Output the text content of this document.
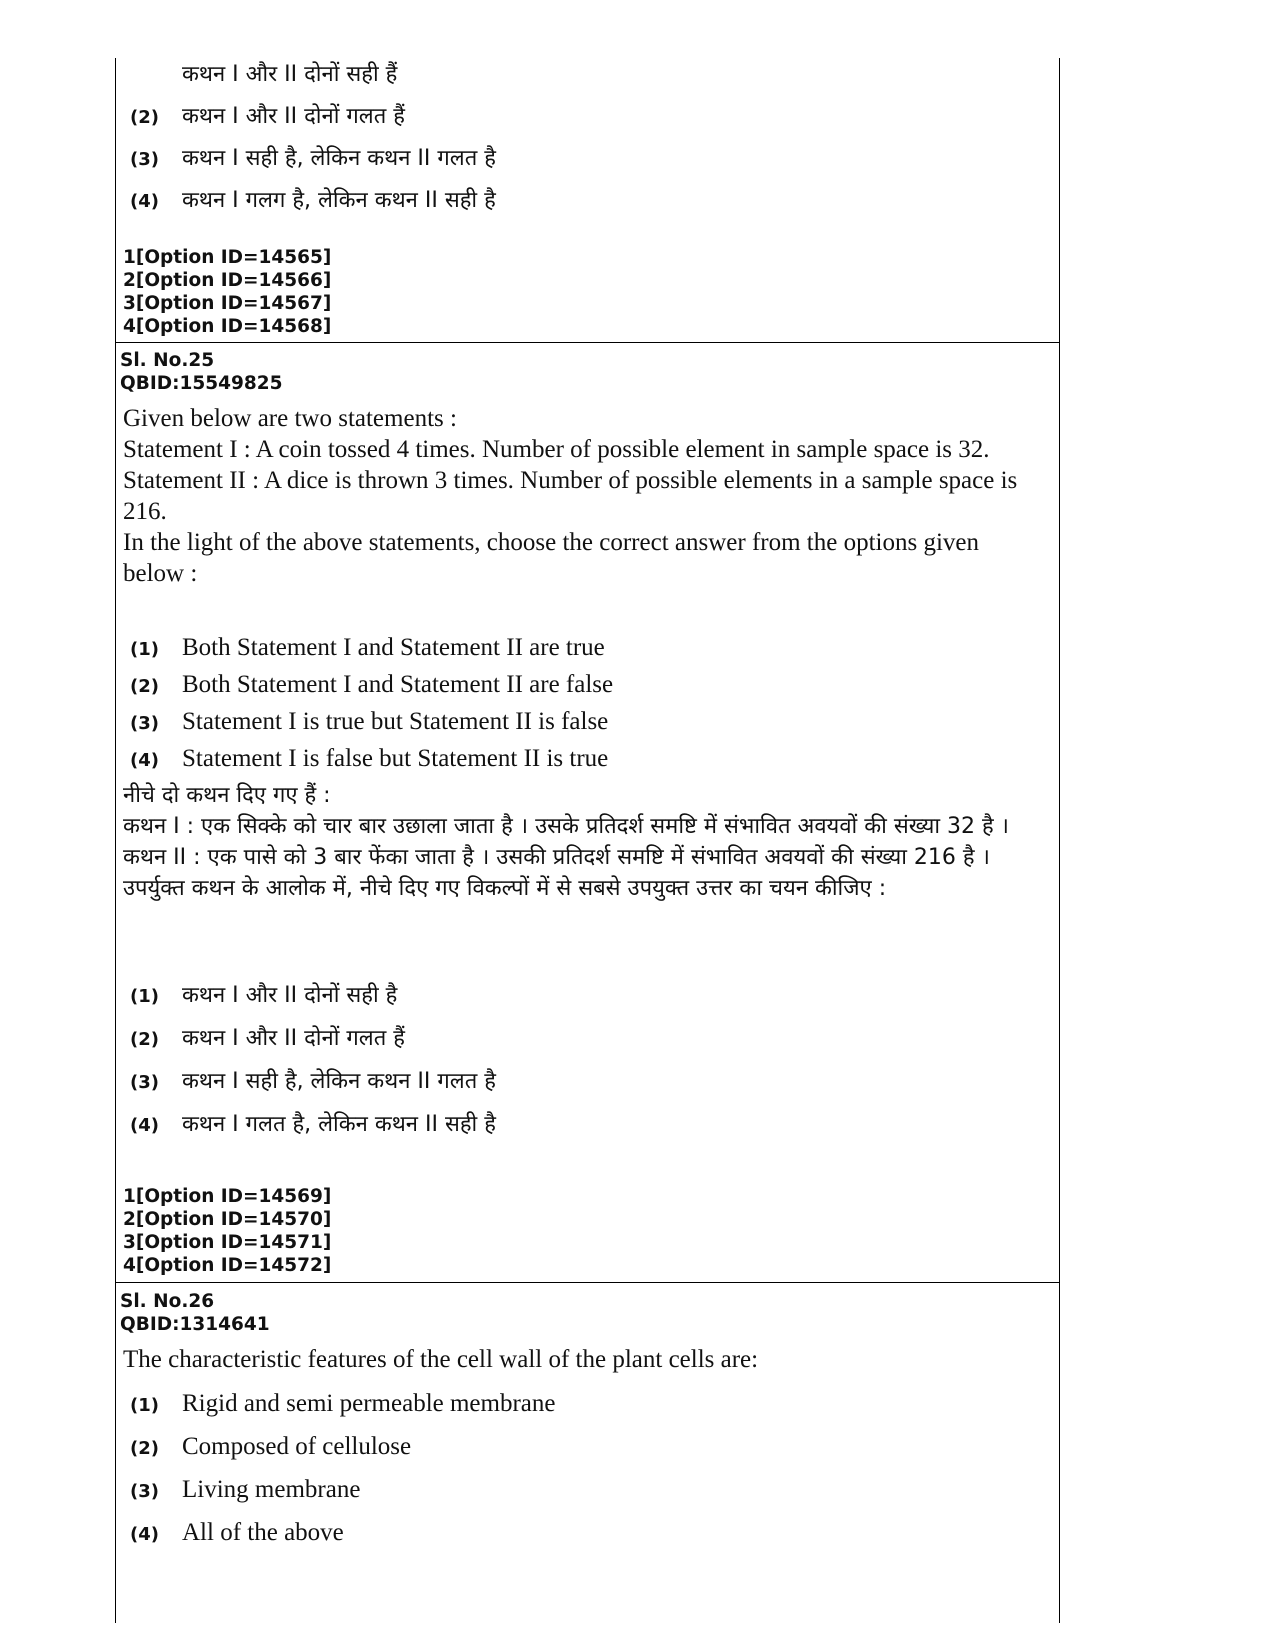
कथन I और II दोनों सही हैं
(2)	कथन I और II दोनों गलत हैं
(3)	कथन I सही है, लेकिन कथन II गलत है
(4)	कथन I गलग है, लेकिन कथन II सही है
1[Option ID=14565]
2[Option ID=14566]
3[Option ID=14567]
4[Option ID=14568]
Sl. No.25
QBID:15549825

Given below are two statements :

Statement I : A coin tossed 4 times. Number of possible element in sample space is 32.

Statement II : A dice is thrown 3 times. Number of possible elements in a sample space is 216.

In the light of the above statements, choose the correct answer from the options given below :

(1) Both Statement I and Statement II are true
(2) Both Statement I and Statement II are false
(3) Statement I is true but Statement II is false
(4) Statement I is false but Statement II is true

नीचे दो कथन दिए गए हैं :

कथन I : एक सिक्के को चार बार उछाला जाता है । उसके प्रतिदर्श समष्टि में संभावित अवयवों की संख्या 32 है ।

कथन II : एक पासे को 3 बार फेंका जाता है । उसकी प्रतिदर्श समष्टि में संभावित अवयवों की संख्या 216 है ।

उपर्युक्त कथन के आलोक में, नीचे दिए गए विकल्पों में से सबसे उपयुक्त उत्तर का चयन कीजिए :

(1)	कथन I और II दोनों सही है
(2)	कथन I और II दोनों गलत हैं
(3)	कथन I सही है, लेकिन कथन II गलत है
(4)	कथन I गलत है, लेकिन कथन II सही है
1[Option ID=14569]
2[Option ID=14570]
3[Option ID=14571]
4[Option ID=14572]
Sl. No.26
QBID:1314641

The characteristic features of the cell wall of the plant cells are:

(1) Rigid and semi permeable membrane
(2) Composed of cellulose
(3) Living membrane
(4) All of the above
